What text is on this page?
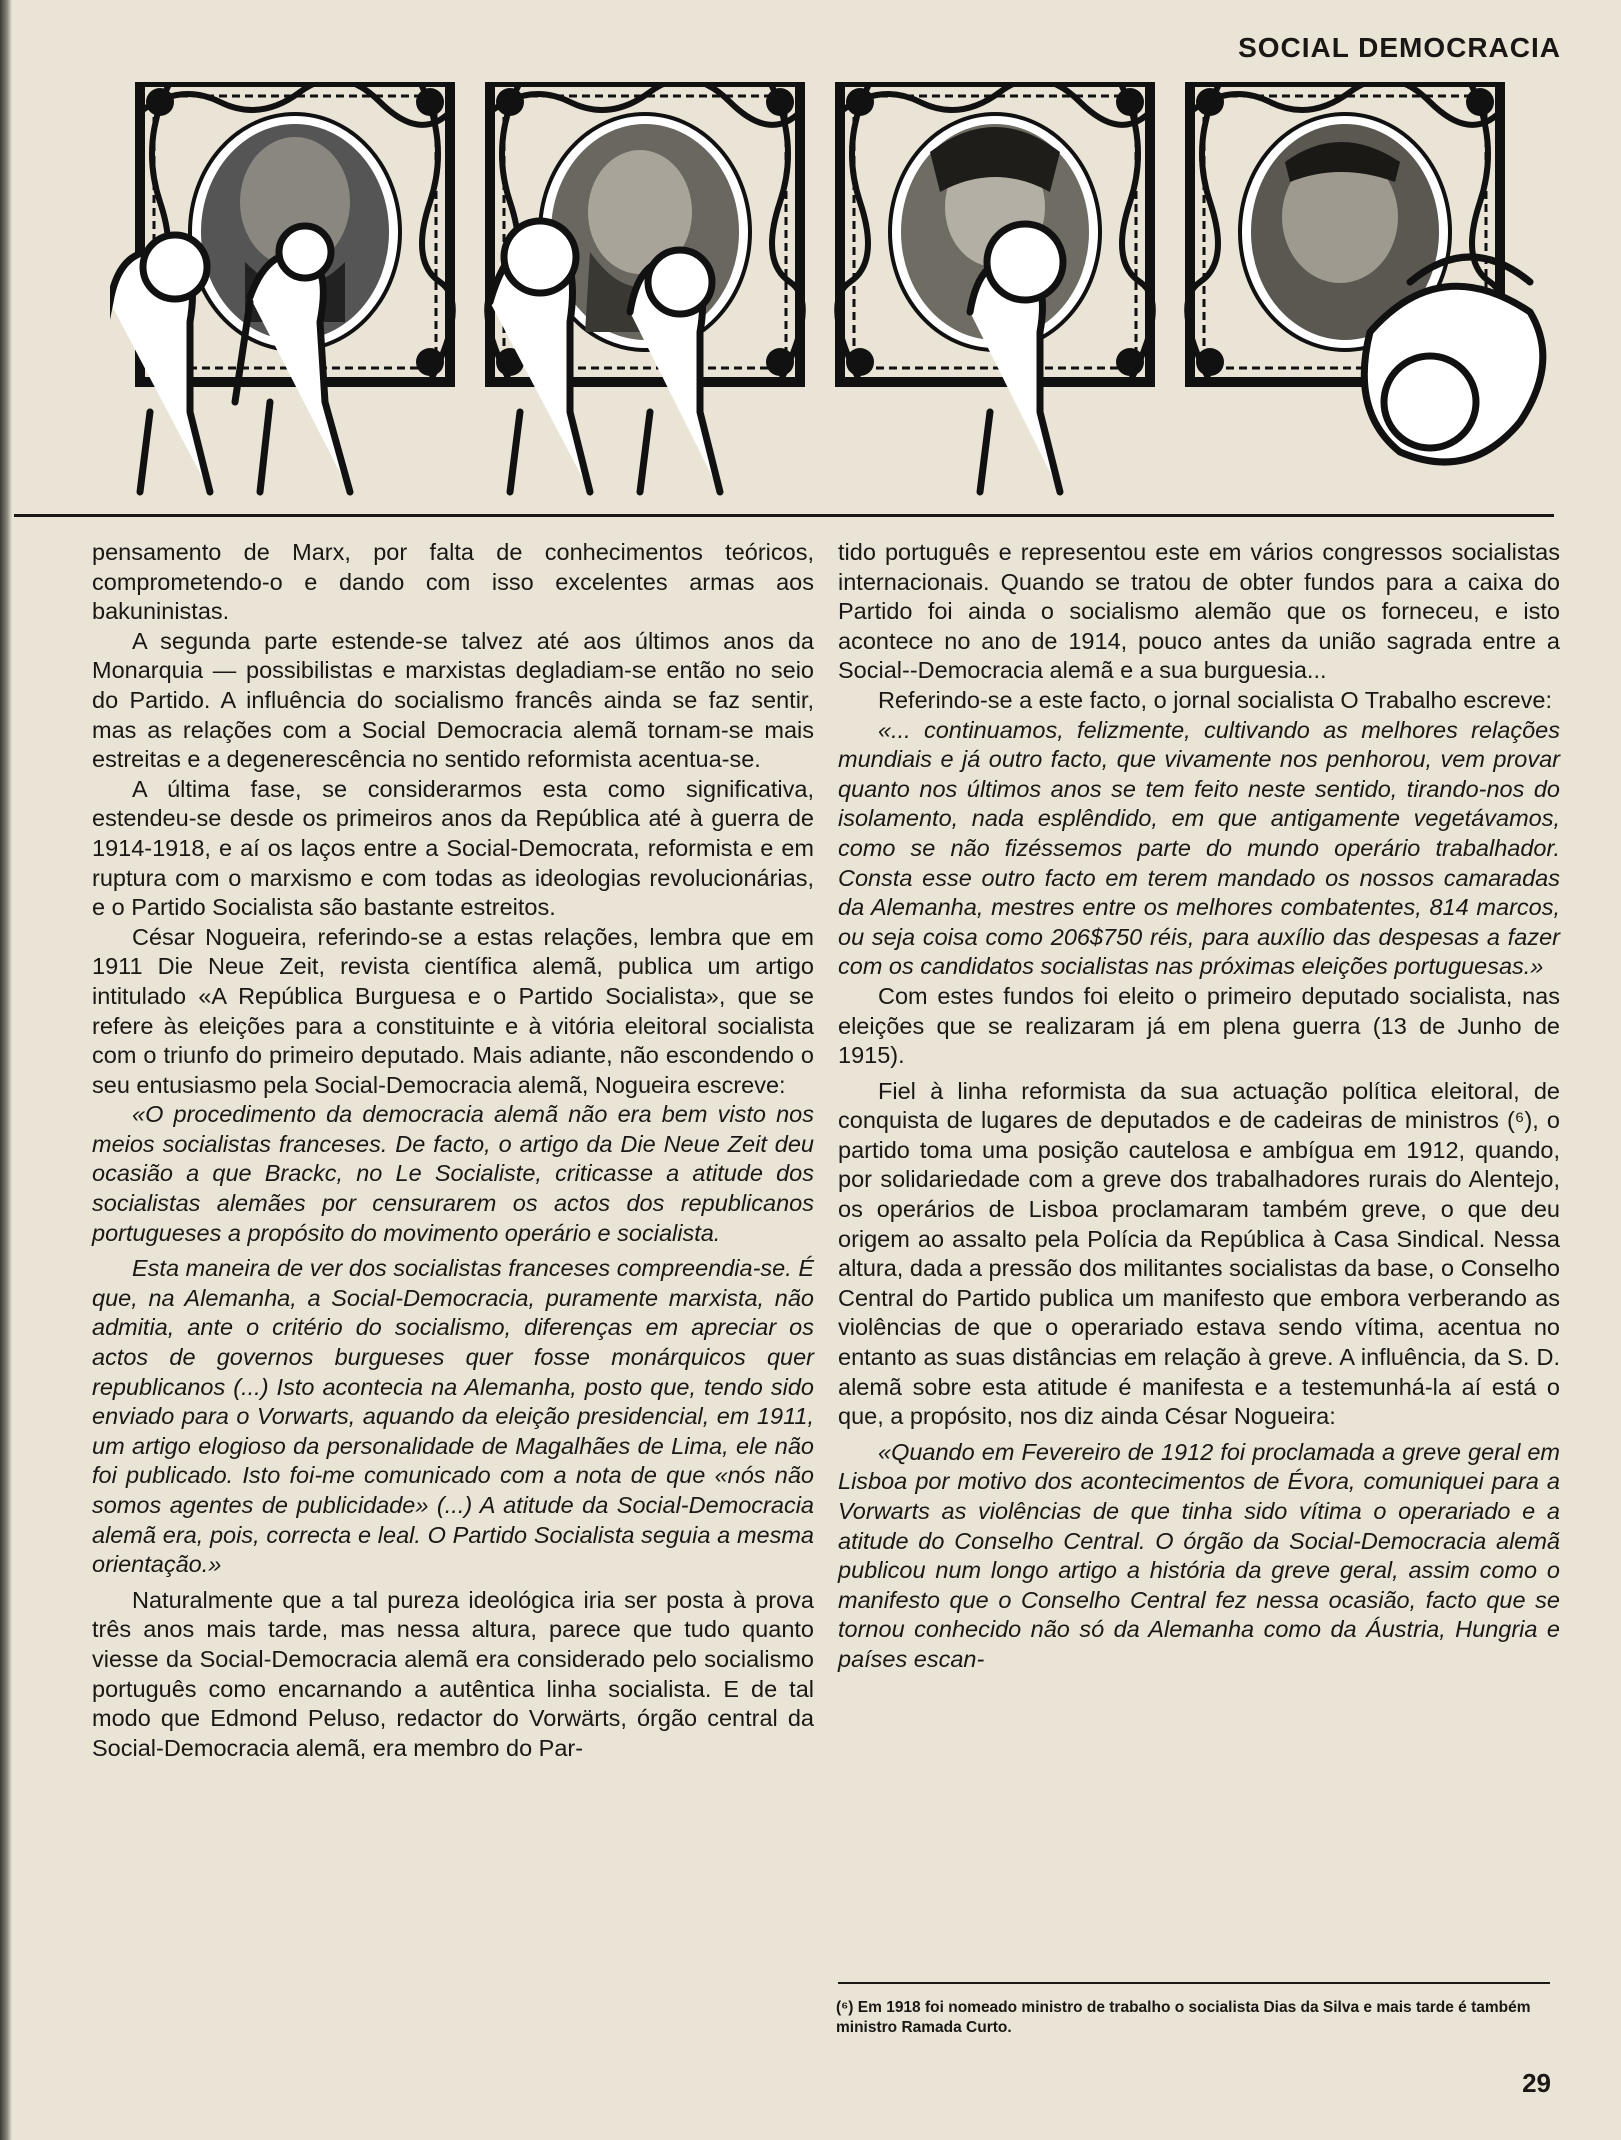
SOCIAL DEMOCRACIA

pensamento de Marx, por falta de conhecimentos teóricos, comprometendo-o e dando com isso excelentes armas aos bakuninistas.

A segunda parte estende-se talvez até aos últimos anos da Monarquia — possibilistas e marxistas degladiam-se então no seio do Partido. A influência do socialismo francês ainda se faz sentir, mas as relações com a Social Democracia alemã tornam-se mais estreitas e a degenerescência no sentido reformista acentua-se.

A última fase, se considerarmos esta como significativa, estendeu-se desde os primeiros anos da República até à guerra de 1914-1918, e aí os laços entre a Social-Democrata, reformista e em ruptura com o marxismo e com todas as ideologias revolucionárias, e o Partido Socialista são bastante estreitos.

César Nogueira, referindo-se a estas relações, lembra que em 1911 Die Neue Zeit, revista científica alemã, publica um artigo intitulado «A República Burguesa e o Partido Socialista», que se refere às eleições para a constituinte e à vitória eleitoral socialista com o triunfo do primeiro deputado. Mais adiante, não escondendo o seu entusiasmo pela Social-Democracia alemã, Nogueira escreve:

«O procedimento da democracia alemã não era bem visto nos meios socialistas franceses. De facto, o artigo da Die Neue Zeit deu ocasião a que Brackc, no Le Socialiste, criticasse a atitude dos socialistas alemães por censurarem os actos dos republicanos portugueses a propósito do movimento operário e socialista.

Esta maneira de ver dos socialistas franceses compreendia-se. É que, na Alemanha, a Social-Democracia, puramente marxista, não admitia, ante o critério do socialismo, diferenças em apreciar os actos de governos burgueses quer fosse monárquicos quer republicanos (...) Isto acontecia na Alemanha, posto que, tendo sido enviado para o Vorwarts, aquando da eleição presidencial, em 1911, um artigo elogioso da personalidade de Magalhães de Lima, ele não foi publicado. Isto foi-me comunicado com a nota de que «nós não somos agentes de publicidade» (...) A atitude da Social-Democracia alemã era, pois, correcta e leal. O Partido Socialista seguia a mesma orientação.»

Naturalmente que a tal pureza ideológica iria ser posta à prova três anos mais tarde, mas nessa altura, parece que tudo quanto viesse da Social-Democracia alemã era considerado pelo socialismo português como encarnando a autêntica linha socialista. E de tal modo que Edmond Peluso, redactor do Vorwärts, órgão central da Social-Democracia alemã, era membro do Par-

tido português e representou este em vários congressos socialistas internacionais. Quando se tratou de obter fundos para a caixa do Partido foi ainda o socialismo alemão que os forneceu, e isto acontece no ano de 1914, pouco antes da união sagrada entre a Social--Democracia alemã e a sua burguesia...

Referindo-se a este facto, o jornal socialista O Trabalho escreve:

«... continuamos, felizmente, cultivando as melhores relações mundiais e já outro facto, que vivamente nos penhorou, vem provar quanto nos últimos anos se tem feito neste sentido, tirando-nos do isolamento, nada esplêndido, em que antigamente vegetávamos, como se não fizéssemos parte do mundo operário trabalhador. Consta esse outro facto em terem mandado os nossos camaradas da Alemanha, mestres entre os melhores combatentes, 814 marcos, ou seja coisa como 206$750 réis, para auxílio das despesas a fazer com os candidatos socialistas nas próximas eleições portuguesas.»

Com estes fundos foi eleito o primeiro deputado socialista, nas eleições que se realizaram já em plena guerra (13 de Junho de 1915).

Fiel à linha reformista da sua actuação política eleitoral, de conquista de lugares de deputados e de cadeiras de ministros (⁶), o partido toma uma posição cautelosa e ambígua em 1912, quando, por solidariedade com a greve dos trabalhadores rurais do Alentejo, os operários de Lisboa proclamaram também greve, o que deu origem ao assalto pela Polícia da República à Casa Sindical. Nessa altura, dada a pressão dos militantes socialistas da base, o Conselho Central do Partido publica um manifesto que embora verberando as violências de que o operariado estava sendo vítima, acentua no entanto as suas distâncias em relação à greve. A influência, da S. D. alemã sobre esta atitude é manifesta e a testemunhá-la aí está o que, a propósito, nos diz ainda César Nogueira:

«Quando em Fevereiro de 1912 foi proclamada a greve geral em Lisboa por motivo dos acontecimentos de Évora, comuniquei para a Vorwarts as violências de que tinha sido vítima o operariado e a atitude do Conselho Central. O órgão da Social-Democracia alemã publicou num longo artigo a história da greve geral, assim como o manifesto que o Conselho Central fez nessa ocasião, facto que se tornou conhecido não só da Alemanha como da Áustria, Hungria e países escan-

(⁶) Em 1918 foi nomeado ministro de trabalho o socialista Dias da Silva e mais tarde é também ministro Ramada Curto.
29
